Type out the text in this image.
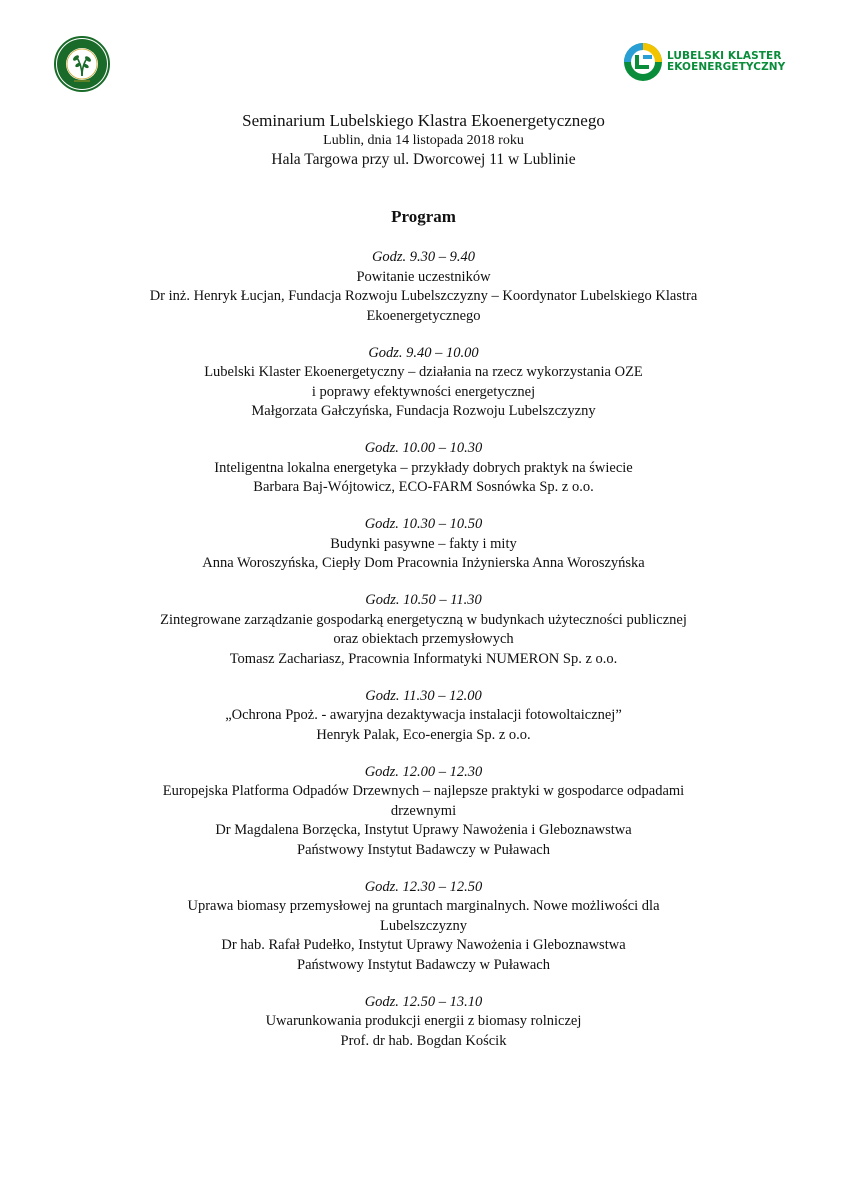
LUBELSKI KLASTER
EKOENERGETYCZNY
Seminarium Lubelskiego Klastra Ekoenergetycznego
Lublin, dnia 14 listopada 2018 roku
Hala Targowa przy ul. Dworcowej 11 w Lublinie
Program
Godz. 9.30 – 9.40
Powitanie uczestników
Dr inż. Henryk Łucjan, Fundacja Rozwoju Lubelszczyzny – Koordynator Lubelskiego Klastra
Ekoenergetycznego
Godz. 9.40 – 10.00
Lubelski Klaster Ekoenergetyczny – działania na rzecz wykorzystania OZE
i poprawy efektywności energetycznej
Małgorzata Gałczyńska, Fundacja Rozwoju Lubelszczyzny
Godz. 10.00 – 10.30
Inteligentna lokalna energetyka – przykłady dobrych praktyk na świecie
Barbara Baj-Wójtowicz, ECO-FARM Sosnówka Sp. z o.o.
Godz. 10.30 – 10.50
Budynki pasywne – fakty i mity
Anna Woroszyńska, Ciepły Dom Pracownia Inżynierska Anna Woroszyńska
Godz. 10.50 – 11.30
Zintegrowane zarządzanie gospodarką energetyczną w budynkach użyteczności publicznej
oraz obiektach przemysłowych
Tomasz Zachariasz, Pracownia Informatyki NUMERON Sp. z o.o.
Godz. 11.30 – 12.00
„Ochrona Ppoż. - awaryjna dezaktywacja instalacji fotowoltaicznej”
Henryk Palak, Eco-energia Sp. z o.o.
Godz. 12.00 – 12.30
Europejska Platforma Odpadów Drzewnych – najlepsze praktyki w gospodarce odpadami
drzewnymi
Dr Magdalena Borzęcka, Instytut Uprawy Nawożenia i Gleboznawstwa
Państwowy Instytut Badawczy w Puławach
Godz. 12.30 – 12.50
Uprawa biomasy przemysłowej na gruntach marginalnych. Nowe możliwości dla
Lubelszczyzny
Dr hab. Rafał Pudełko, Instytut Uprawy Nawożenia i Gleboznawstwa
Państwowy Instytut Badawczy w Puławach
Godz. 12.50 – 13.10
Uwarunkowania produkcji energii z biomasy rolniczej
Prof. dr hab. Bogdan Kościk
